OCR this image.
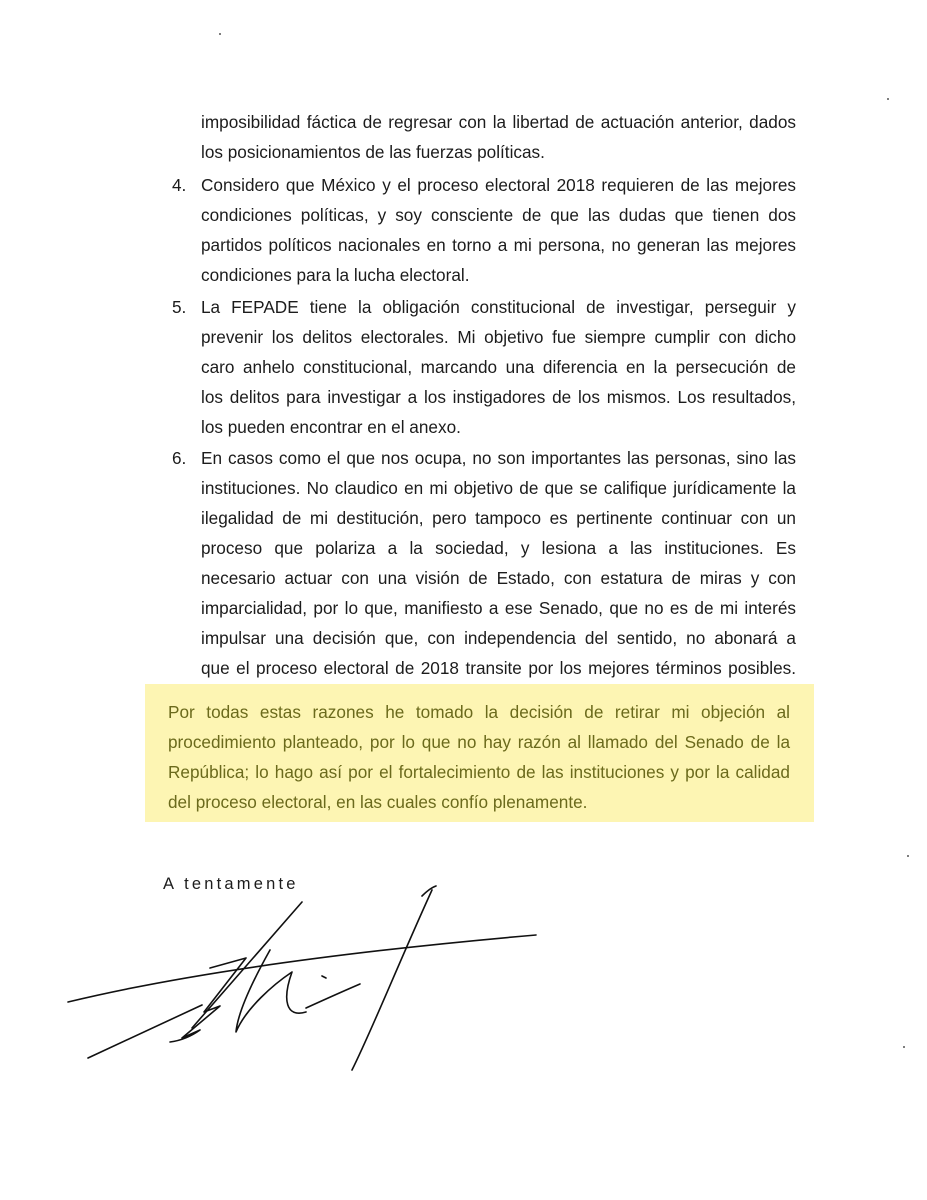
imposibilidad fáctica de regresar con la libertad de actuación anterior, dados

los posicionamientos de las fuerzas políticas.

4. Considero que México y el proceso electoral 2018 requieren de las mejores

condiciones políticas, y soy consciente de que las dudas que tienen dos

partidos políticos nacionales en torno a mi persona, no generan las mejores

condiciones para la lucha electoral.

5. La FEPADE tiene la obligación constitucional de investigar, perseguir y

prevenir los delitos electorales. Mi objetivo fue siempre cumplir con dicho

caro anhelo constitucional, marcando una diferencia en la persecución de

los delitos para investigar a los instigadores de los mismos. Los resultados,

los pueden encontrar en el anexo.

6. En casos como el que nos ocupa, no son importantes las personas, sino las

instituciones. No claudico en mi objetivo de que se califique jurídicamente la

ilegalidad de mi destitución, pero tampoco es pertinente continuar con un

proceso que polariza a la sociedad, y lesiona a las instituciones. Es

necesario actuar con una visión de Estado, con estatura de miras y con

imparcialidad, por lo que, manifiesto a ese Senado, que no es de mi interés

impulsar una decisión que, con independencia del sentido, no abonará a

que el proceso electoral de 2018 transite por los mejores términos posibles.

Por todas estas razones he tomado la decisión de retirar mi objeción al

procedimiento planteado, por lo que no hay razón al llamado del Senado de la

República; lo hago así por el fortalecimiento de las instituciones y por la calidad

del proceso electoral, en las cuales confío plenamente.

A tentamente
